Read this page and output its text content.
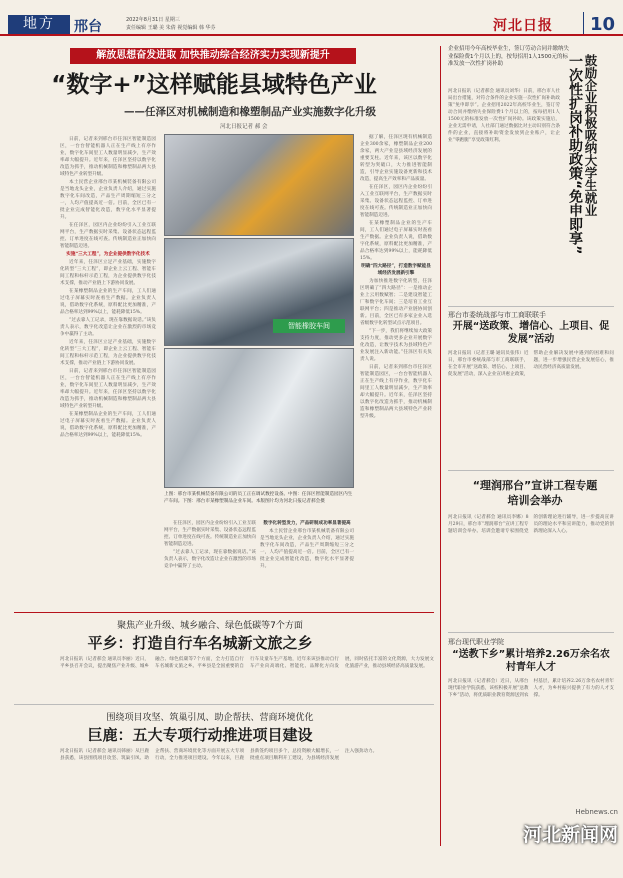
地方	邢台	2022年8月31日 星期三
责任编辑 王璐 美 朱倩 视觉编辑 韩 华芬	河北日报 10
解放思想奋发进取 加快推动综合经济实力实现新提升
“数字+”这样赋能县域特色产业
——任泽区对机械制造和橡塑制品产业实施数字化升级
河北日报记者 郝 会

日前，记者来到邢台市任泽区智能制造园区，一台台智能机器人正在生产线上有序作业，数字化车间里工人数量明显减少，生产效率却大幅提升。近年来，任泽区坚持以数字化改造为抓手，推动机械制造和橡塑制品两大县域特色产业转型升级。

本土民营企业邢台市某机械装备有限公司是当地龙头企业，企业负责人介绍，通过实施数字化车间改造，产品生产周期缩短三分之一，人均产值提高近一倍。目前，全区已有一批企业完成智能化改造，数字化水平显著提升。

在任泽区，园区内企业纷纷引入工业互联网平台，生产数据实时采集、设备状态远程监控、订单进度在线可查。传统制造业正加快向智能制造迈进。

实施“三大工程”，为企业提供数字化技术

近年来，任泽区立足产业基础，实施数字化转型“三大工程”，即企业上云工程、智能车间工程和标杆示范工程，为企业提供数字化技术支撑，推动产业链上下游协同发展。

在某橡塑制品企业的生产车间，工人们通过电子屏幕实时查看生产数据。企业负责人说，借助数字化系统，原料配比更加精准，产品合格率达到99%以上，能耗降低15%。

“过去靠人工记录，现在靠数据说话。”该负责人表示，数字化改造让企业在激烈的市场竞争中赢得了主动。

近年来，任泽区立足产业基础，实施数字化转型“三大工程”，即企业上云工程、智能车间工程和标杆示范工程，为企业提供数字化技术支撑，推动产业链上下游协同发展。

日前，记者来到邢台市任泽区智能制造园区，一台台智能机器人正在生产线上有序作业，数字化车间里工人数量明显减少，生产效率却大幅提升。近年来，任泽区坚持以数字化改造为抓手，推动机械制造和橡塑制品两大县域特色产业转型升级。

在某橡塑制品企业的生产车间，工人们通过电子屏幕实时查看生产数据。企业负责人说，借助数字化系统，原料配比更加精准，产品合格率达到99%以上，能耗降低15%。

智能橡胶车间
上图：邢台市某机械装备有限公司的员工正在调试数控设备。中图：任泽区智能制造园区内生产车间。下图：邢台市某橡塑制品企业车间。本版图片均为河北日报记者郝会摄

在任泽区，园区内企业纷纷引入工业互联网平台，生产数据实时采集、设备状态远程监控、订单进度在线可查。传统制造业正加快向智能制造迈进。

“过去靠人工记录，现在靠数据说话。”该负责人表示，数字化改造让企业在激烈的市场竞争中赢得了主动。

数字化转型发力，产品研制成功率显著提高

本土民营企业邢台市某机械装备有限公司是当地龙头企业，企业负责人介绍，通过实施数字化车间改造，产品生产周期缩短三分之一，人均产值提高近一倍。目前，全区已有一批企业完成智能化改造，数字化水平显著提升。

据了解，任泽区现有机械制造企业300余家，橡塑制品企业200余家，两大产业是县域经济发展的重要支柱。近年来，该区以数字化转型为突破口，大力推进智能制造，引导企业实施设备更新和技术改造，提高生产效率和产品质量。

在任泽区，园区内企业纷纷引入工业互联网平台，生产数据实时采集、设备状态远程监控、订单进度在线可查。传统制造业正加快向智能制造迈进。

在某橡塑制品企业的生产车间，工人们通过电子屏幕实时查看生产数据。企业负责人说，借助数字化系统，原料配比更加精准，产品合格率达到99%以上，能耗降低15%。

明确“四大路径”，打造数字赋能县域经济发展新引擎

为加快推进数字化转型，任泽区明确了“四大路径”：一是推动企业上云用数赋智；二是建设智能工厂和数字化车间；三是培育工业互联网平台；四是推动产业链协同创新。目前，全区已有多家企业入选省级数字化转型试点示范项目。

“下一步，我们将继续加大政策支持力度，推动更多企业开展数字化改造，让数字技术为县域特色产业发展注入新动能。”任泽区有关负责人说。

日前，记者来到邢台市任泽区智能制造园区，一台台智能机器人正在生产线上有序作业，数字化车间里工人数量明显减少，生产效率却大幅提升。近年来，任泽区坚持以数字化改造为抓手，推动机械制造和橡塑制品两大县域特色产业转型升级。

聚焦产业升级、城乡融合、绿色低碳等7个方面
平乡：打造自行车名城新文旅之乡
河北日报讯（记者郝会 通讯员李丽）近日，平乡县召开会议，提出聚焦产业升级、城乡融合、绿色低碳等7个方面，全力打造自行车名城新文旅之乡。平乡县是全国重要的自行车及童车生产基地，近年来该县推动自行车产业向高端化、智能化、品牌化方向发展，同时依托丰富的文化资源，大力发展文化旅游产业，推动县域经济高质量发展。
围绕项目攻坚、筑巢引凤、助企帮扶、营商环境优化
巨鹿：五大专项行动推进项目建设
河北日报讯（记者郝会 通讯员韩丽）从巨鹿县获悉，该县围绕项目攻坚、筑巢引凤、助企帮扶、营商环境优化等方面开展五大专项行动，全力推进项目建设。今年以来，巨鹿县新签约项目多个，总投资额大幅增长，一批重点项目顺利开工建设，为县域经济发展注入强劲动力。
企业招用今年高校毕业生，签订劳动合同并缴纳失业保险费1个月以上的，按每招用1人1500元的标准发放一次性扩岗补助	鼓励企业积极吸纳大学生就业
一次性扩岗补助政策“免申即享”
河北日报讯（记者郝会 通讯员刘华）日前，邢台市人社局出台措施，对符合条件的企业实施一次性扩岗补助政策“免申即享”。企业招用2022年高校毕业生，签订劳动合同并缴纳失业保险费1个月以上的，按每招用1人1500元的标准发放一次性扩岗补助。该政策实施后，企业无需申请，人社部门通过数据比对主动识别符合条件的企业，直接将补助资金发放到企业账户，让企业“零跑腿”享受政策红利。
邢台市委统战部与市工商联联手
开展“送政策、增信心、上项目、促发展”活动
河北日报讯（记者王璐 通讯员张伟）近日，邢台市委统战部与市工商联联手，在全市开展“送政策、增信心、上项目、促发展”活动，深入企业宣讲惠企政策，帮助企业解决发展中遇到的困难和问题，进一步增强民营企业发展信心，推动民营经济高质量发展。
“理润邢台”宣讲工程专题培训会举办
河北日报讯（记者郝会 通讯员李娜）8月29日，邢台市“理润邢台”宣讲工程专题培训会举办。培训会邀请专家围绕党的创新理论进行辅导，进一步提高宣讲员的理论水平和宣讲能力，推动党的创新理论深入人心。
邢台现代职业学院
“送教下乡”累计培养2.26万余名农村青年人才
河北日报讯（记者郝会）近日，从邢台现代职业学院获悉，该校积极开展“送教下乡”活动，将优质职业教育资源送到农村基层，累计培养2.26万余名农村青年人才，为乡村振兴提供了有力的人才支撑。
Hebnews.cn
河北新闻网
